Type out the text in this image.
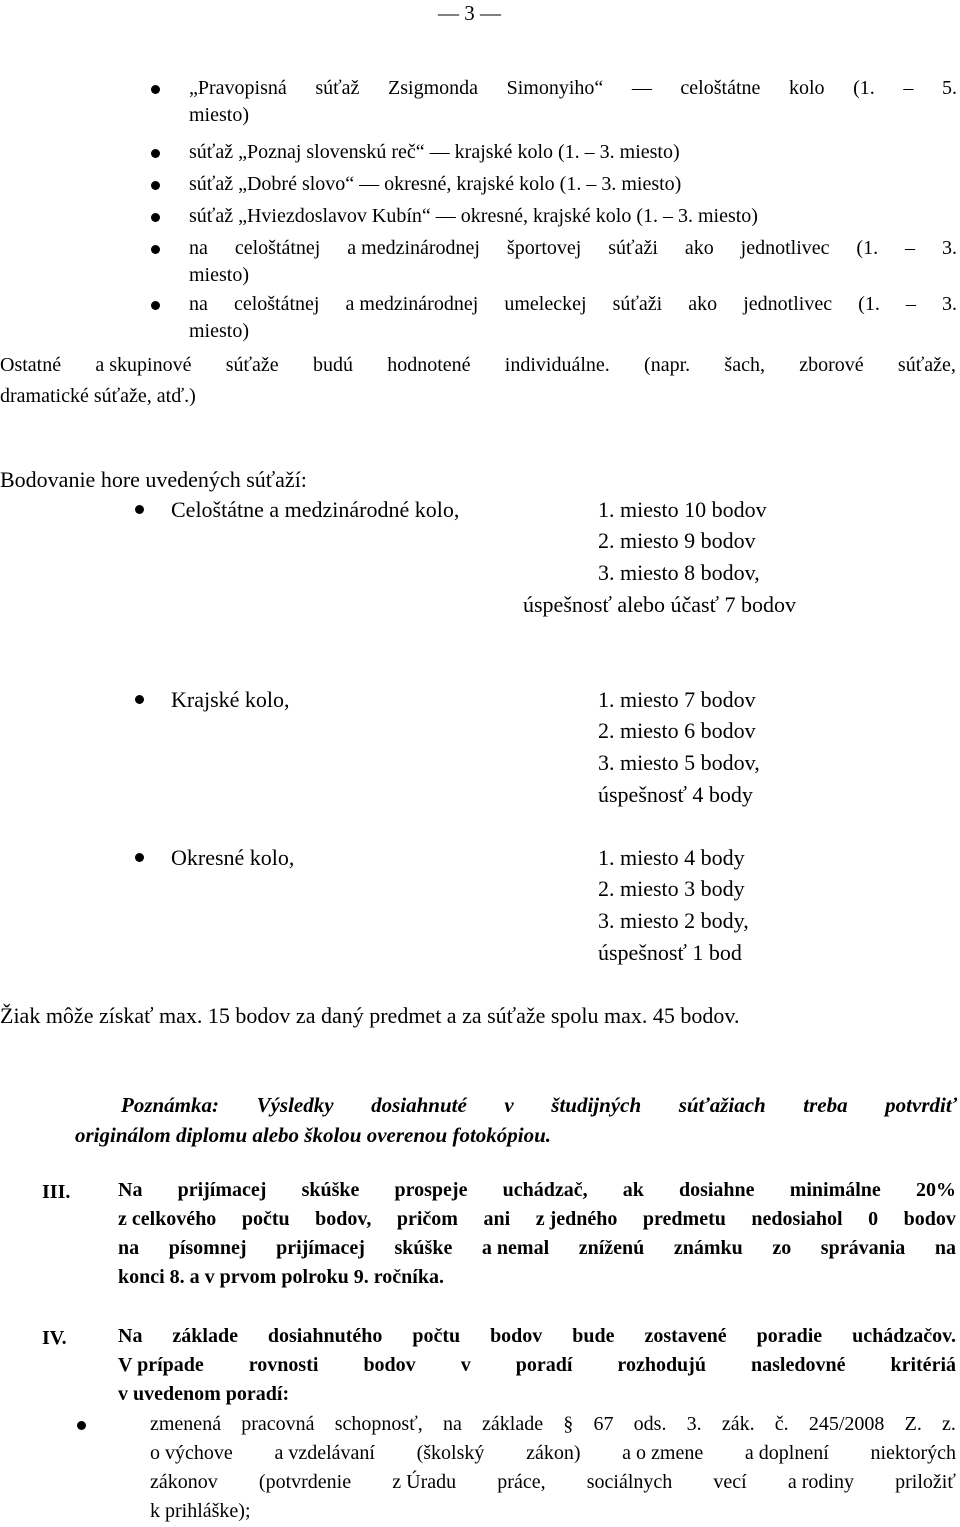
— 3 —
„Pravopisná súťaž Zsigmonda Simonyiho“ — celoštátne kolo (1. – 5.
miesto)
súťaž „Poznaj slovenskú reč“ — krajské kolo (1. – 3. miesto)
súťaž „Dobré slovo“ — okresné, krajské kolo (1. – 3. miesto)
súťaž „Hviezdoslavov Kubín“ — okresné, krajské kolo (1. – 3. miesto)
na celoštátnej a medzinárodnej športovej súťaži ako jednotlivec (1. – 3.
miesto)
na celoštátnej a medzinárodnej umeleckej súťaži ako jednotlivec (1. – 3.
miesto)
Ostatné a skupinové súťaže budú hodnotené individuálne. (napr. šach, zborové súťaže,
dramatické súťaže, atď.)
Bodovanie hore uvedených súťaží:
Celoštátne a medzinárodné kolo,	1. miesto 10 bodov
2. miesto 9 bodov
3. miesto 8 bodov,
úspešnosť alebo účasť 7 bodov
Krajské kolo,	1. miesto 7 bodov
2. miesto 6 bodov
3. miesto 5 bodov,
úspešnosť 4 body
Okresné kolo,	1. miesto 4 body
2. miesto 3 body
3. miesto 2 body,
úspešnosť 1 bod
Žiak môže získať max. 15 bodov za daný predmet a za súťaže spolu max. 45 bodov.
Poznámka: Výsledky dosiahnuté v študijných súťažiach treba potvrdiť
originálom diplomu alebo školou overenou fotokópiou.
III. Na prijímacej skúške prospeje uchádzač, ak dosiahne minimálne 20%
z celkového počtu bodov, pričom ani z jedného predmetu nedosiahol 0 bodov
na písomnej prijímacej skúške a nemal zníženú známku zo správania na
konci 8. a v prvom polroku 9. ročníka.
IV.	Na základe dosiahnutého počtu bodov bude zostavené poradie uchádzačov.
V prípade rovnosti bodov v poradí rozhodujú nasledovné kritériá
v uvedenom poradí:
zmenená pracovná schopnosť, na základe § 67 ods. 3. zák. č. 245/2008 Z. z.
o výchove a vzdelávaní (školský zákon) a o zmene a doplnení niektorých
zákonov (potvrdenie z Úradu práce, sociálnych vecí a rodiny priložiť
k prihláške);
